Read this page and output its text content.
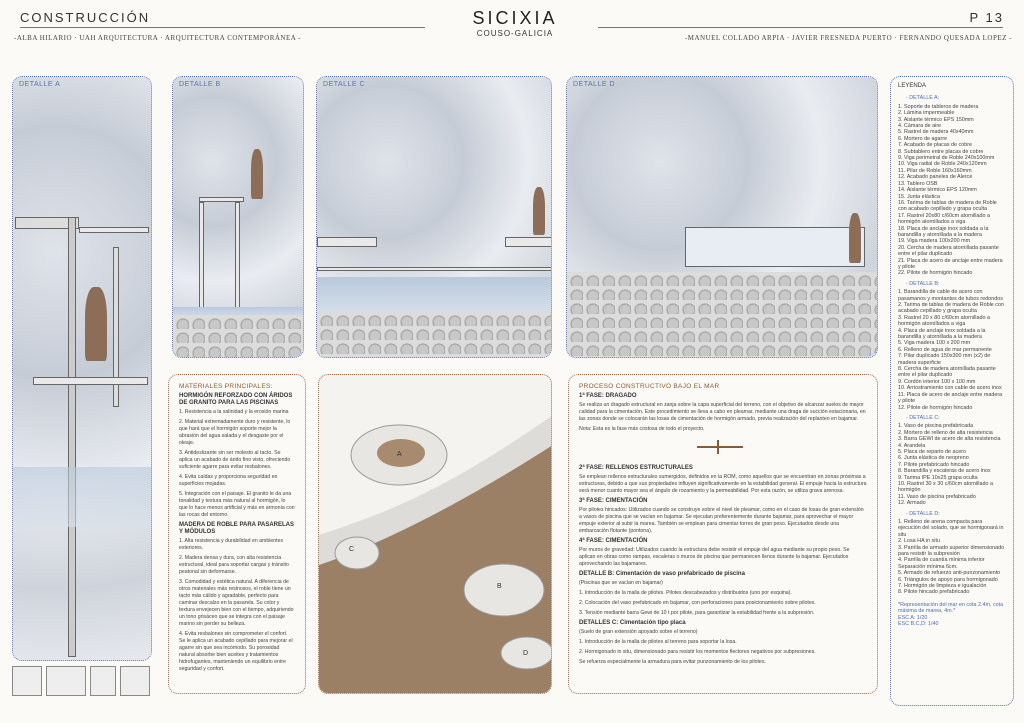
CONSTRUCCIÓN
-ALBA HILARIO · UAH ARQUITECTURA · ARQUITECTURA CONTEMPORÁNEA -
SICIXIA
COUSO-GALICIA
P 13
-MANUEL COLLADO ARPIA · JAVIER FRESNEDA PUERTO · FERNANDO QUESADA LOPEZ -
DETALLE A	DETALLE B	DETALLE C	DETALLE D
MATERIALES PRINCIPALES:
HORMIGÓN REFORZADO CON ÁRIDOS DE GRANITO PARA LAS PISCINAS

1. Resistencia a la salinidad y la erosión marina

2. Material extremadamente duro y resistente, lo que hará que el hormigón soporte mejor la abrasión del agua salada y el desgaste por el oleaje.

3. Antideslizante sin ser molesto al tacto. Se aplica un acabado de árido fino visto, ofreciendo suficiente agarre para evitar resbalones.

4. Evita caídas y proporciona seguridad en superficies mojadas.

5. Integración con el paisaje. El granito le da una tonalidad y textura más natural al hormigón, lo que lo hace menos artificial y más en armonía con las rocas del entorno.

MADERA DE ROBLE PARA PASARELAS Y MÓDULOS

1. Alta resistencia y durabilidad en ambientes exteriores.

2. Madera densa y dura, con alta resistencia estructural, ideal para soportar cargas y tránsito peatonal sin deformarse.

3. Comodidad y estética natural. A diferencia de otros materiales más resinosos, el roble tiene un tacto más cálido y agradable, perfecto para caminar descalzo en la pasarela. Su color y textura envejecen bien con el tiempo, adquiriendo un tono grisáceo que se integra con el paisaje marino sin perder su belleza.

4. Evita resbalones sin comprometer el confort. Se le aplica un acabado cepillado para mejorar el agarre sin que sea incómodo. Su porosidad natural absorbe bien aceites y tratamientos hidrofugantes, manteniendo un equilibrio entre seguridad y confort.

A
B
C
D
PROCESO CONSTRUCTIVO BAJO EL MAR
1ª FASE: DRAGADO

Se realiza un dragado estructural en zanja sobre la capa superficial del terreno, con el objetivo de alcanzar suelos de mayor calidad para la cimentación. Este procedimiento se lleva a cabo en pleamar, mediante una draga de succión estacionaria, en las zonas donde se colocarán las losas de cimentación de hormigón armado, previa realización del replanteo en bajamar.

Nota: Esta es la fase más costosa de todo el proyecto.

2ª FASE: RELLENOS ESTRUCTURALES

Se emplean rellenos estructurales sumergidos, definidos en la ROM, como aquellos que se encuentran en zonas próximas a estructuras, debido a que sus propiedades influyen significativamente en la estabilidad general. El empuje hacia la estructura será menor cuanto mayor sea el ángulo de rozamiento y la permeabilidad. Por esta razón, se utiliza grava arenosa.

3ª FASE: CIMENTACIÓN

Por pilotes hincados: Utilizados cuando se construye sobre el nivel de pleamar, como en el caso de losas de gran extensión a vasos de piscina que se vacían en bajamar. Se ejecutan preferentemente durante bajamar, para aprovechar el mayor empuje exterior al subir la marea. También se emplean para cimentar torres de gran peso. Ejecutados desde una embarcación flotante (pontona).

4ª FASE: CIMENTACIÓN

Por muros de gravedad: Utilizados cuando la estructura debe resistir el empuje del agua mediante su propio peso. Se aplican en obras como rampas, escaleras o muros de piscina que permanecen llenos durante la bajamar. Ejecutados aprovechando las bajamares.

DETALLE B: Cimentación de vaso prefabricado de piscina

(Piscinas que se vacían en bajamar)

1. Introducción de la malla de pilotes. Pilotes descabezados y distribuidos (uno por esquina).

2. Colocación del vaso prefabricado en bajamar, con perforaciones para posicionamiento sobre pilotes.

3. Tensión mediante barra Gewi de 10 t por pilote, para garantizar la estabilidad frente a la subpresión.

DETALLES C: Cimentación tipo placa

(Suelo de gran extensión apoyado sobre el terreno)

1. Introducción de la malla de pilotes al terreno para soportar la losa.

2. Hormigonado in situ, dimensionado para resistir los momentos flectores negativos por subpresiones.

Se refuerza especialmente la armadura para evitar punzonamiento de los pilotes.

LEYENDA
- DETALLE A:
1. Soporte de tableros de madera
2. Lámina impermeable
3. Aislante térmico EPS 150mm
4. Cámara de aire
5. Rastrel de madera 40x40mm
6. Mortero de agarre
7. Acabado de placas de cobre
8. Subtablero entre placas de cobre
9. Viga perimetral de Roble 240x100mm
10. Viga radial de Roble 240x120mm
11. Pilar de Roble 160x160mm
12. Acabado paneles de Alerce
13. Tablero OSB
14. Aislante térmico EPS 120mm
15. Junta elástica
16. Tarima de tablas de madera de Roble con acabado cepillado y grapa oculta
17. Rastrel 20x80 c/60cm atornillado a hormigón atornillados a viga
18. Placa de anclaje inox soldada a la barandilla y atornillada a la madera
19. Viga madera 100x200 mm
20. Cercha de madera atornillada pasante entre el pilar duplicado
21. Placa de acero de anclaje entre madera y pilote
22. Pilote de hormigón hincado
- DETALLE B:
1. Barandilla de cable de acero con pasamanos y montantes de tubos redondos
2. Tarima de tablas de madera de Roble con acabado cepillado y grapa oculta
3. Rastrel 20 x 80 c/60cm atornillado a hormigón atornillados a viga
4. Placa de anclaje inox soldada a la barandilla y atornillada a la madera
5. Viga madera 100 x 200 mm
6. Relleno de agua de mar permanente
7. Pilar duplicado 150x300 mm (x2) de madera superficie
8. Cercha de madera atornillada pasante entre el pilar duplicado
9. Cordón interior 100 x 100 mm
10. Arriostramiento con cable de acero inox
11. Placa de acero de anclaje entre madera y pilote
12. Pilote de hormigón hincado
- DETALLE C:
1. Vaso de piscina prefabricada
2. Mortero de relleno de alta resistencia
3. Barra GEWI de acero de alta resistencia
4. Arandela
5. Placa de reparto de acero
6. Junta elástica de neopreno
7. Pilote prefabricado hincado
8. Barandilla y escaleras de acero inox
9. Tarima IPE 10x25 grapa oculta
10. Rastrel 30 x 30 c/60cm atornillado a hormigón
11. Vaso de piscina prefabricado
12. Armado
- DETALLE D:
1. Relleno de arena compacta para ejecución del solado, que se hormigonará in situ
2. Losa HA in situ
3. Parrilla de armado superior dimensionado para resistir la subpresión
4. Parrilla de cuantía mínima inferior
Separación mínima 6cm.
5. Armado de refuerzo anti-punzonamiento
6. Triángulos de apoyo para hormigonado
7. Hormigón de limpieza e igualación
8. Pilote hincado prefabricado
*Representación del mar en cota 2.4m, cota máxima de marea, 4m.*
ESC A: 1/20
ESC B,C,D: 1/40
